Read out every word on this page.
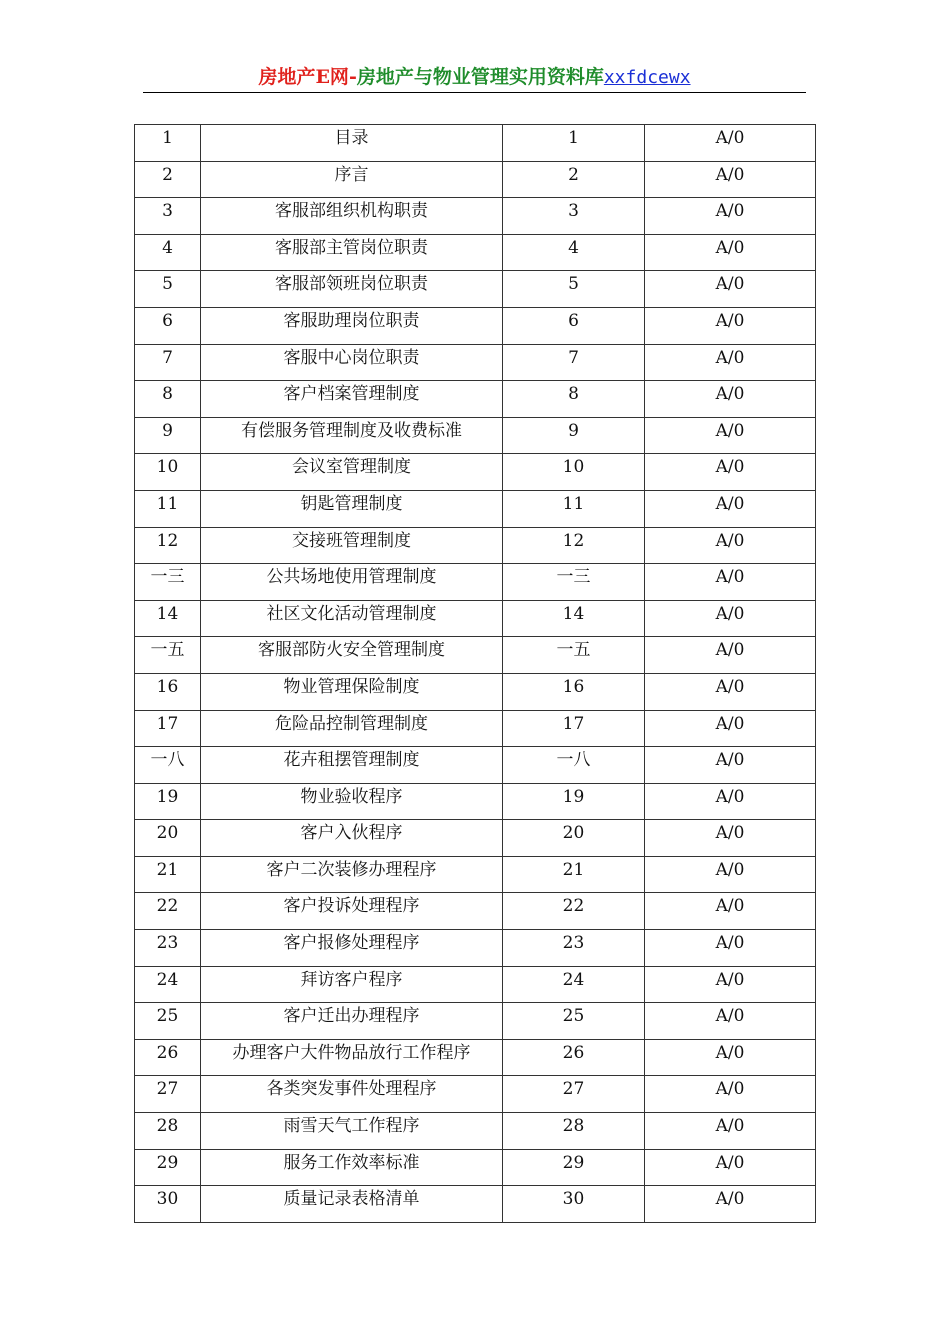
房地产E网-房地产与物业管理实用资料库xxfdcewx
1	目录	1	A/0
2	序言	2	A/0
3	客服部组织机构职责	3	A/0
4	客服部主管岗位职责	4	A/0
5	客服部领班岗位职责	5	A/0
6	客服助理岗位职责	6	A/0
7	客服中心岗位职责	7	A/0
8	客户档案管理制度	8	A/0
9	有偿服务管理制度及收费标准	9	A/0
10	会议室管理制度	10	A/0
11	钥匙管理制度	11	A/0
12	交接班管理制度	12	A/0
一三	公共场地使用管理制度	一三	A/0
14	社区文化活动管理制度	14	A/0
一五	客服部防火安全管理制度	一五	A/0
16	物业管理保险制度	16	A/0
17	危险品控制管理制度	17	A/0
一八	花卉租摆管理制度	一八	A/0
19	物业验收程序	19	A/0
20	客户入伙程序	20	A/0
21	客户二次装修办理程序	21	A/0
22	客户投诉处理程序	22	A/0
23	客户报修处理程序	23	A/0
24	拜访客户程序	24	A/0
25	客户迁出办理程序	25	A/0
26	办理客户大件物品放行工作程序	26	A/0
27	各类突发事件处理程序	27	A/0
28	雨雪天气工作程序	28	A/0
29	服务工作效率标准	29	A/0
30	质量记录表格清单	30	A/0
